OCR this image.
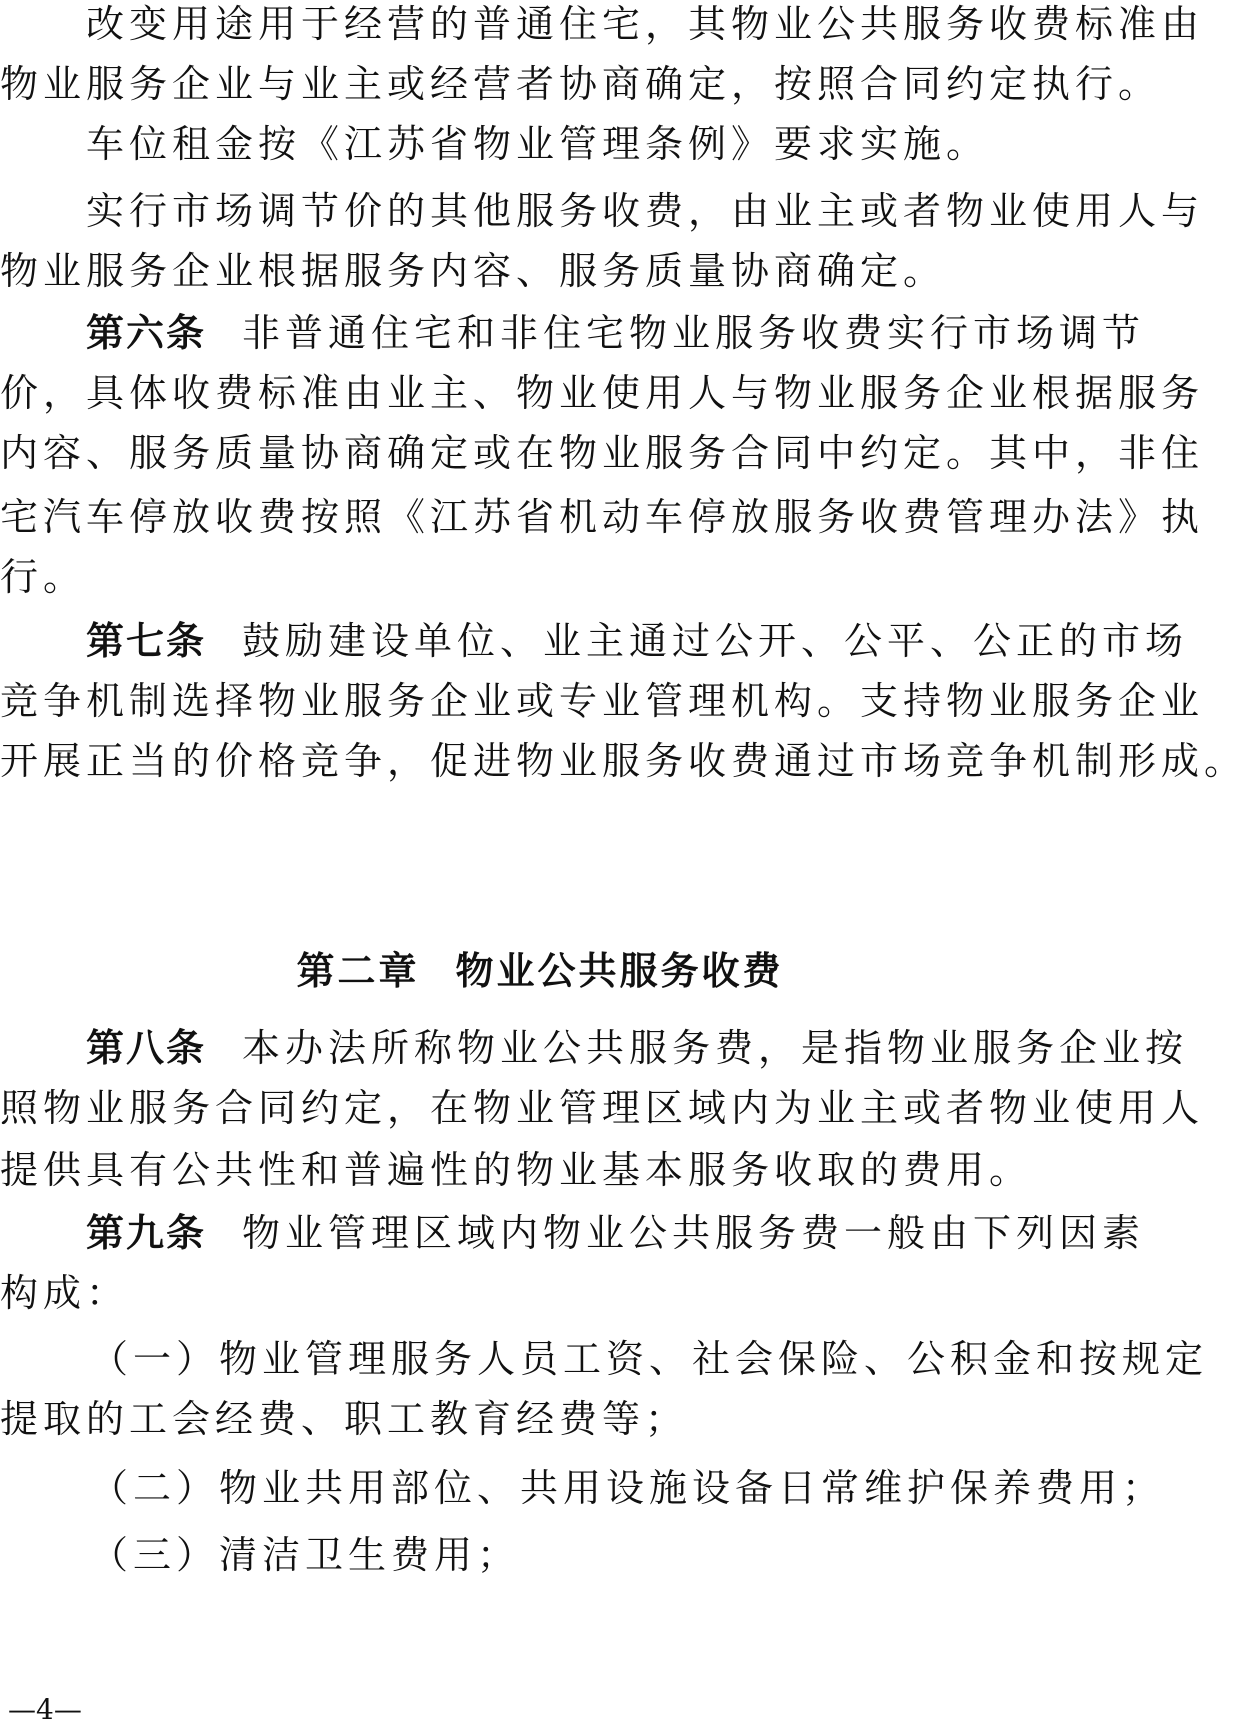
改变用途用于经营的普通住宅，其物业公共服务收费标准由
物业服务企业与业主或经营者协商确定，按照合同约定执行。
车位租金按《江苏省物业管理条例》要求实施。
实行市场调节价的其他服务收费，由业主或者物业使用人与
物业服务企业根据服务内容、服务质量协商确定。
第六条 非普通住宅和非住宅物业服务收费实行市场调节
价，具体收费标准由业主、物业使用人与物业服务企业根据服务
内容、服务质量协商确定或在物业服务合同中约定。其中，非住
宅汽车停放收费按照《江苏省机动车停放服务收费管理办法》执
行。
第七条 鼓励建设单位、业主通过公开、公平、公正的市场
竞争机制选择物业服务企业或专业管理机构。支持物业服务企业
开展正当的价格竞争，促进物业服务收费通过市场竞争机制形成。
第二章 物业公共服务收费
第八条 本办法所称物业公共服务费，是指物业服务企业按
照物业服务合同约定，在物业管理区域内为业主或者物业使用人
提供具有公共性和普遍性的物业基本服务收取的费用。
第九条 物业管理区域内物业公共服务费一般由下列因素
构成：
（一）物业管理服务人员工资、社会保险、公积金和按规定
提取的工会经费、职工教育经费等；
（二）物业共用部位、共用设施设备日常维护保养费用；
（三）清洁卫生费用；
—4—
